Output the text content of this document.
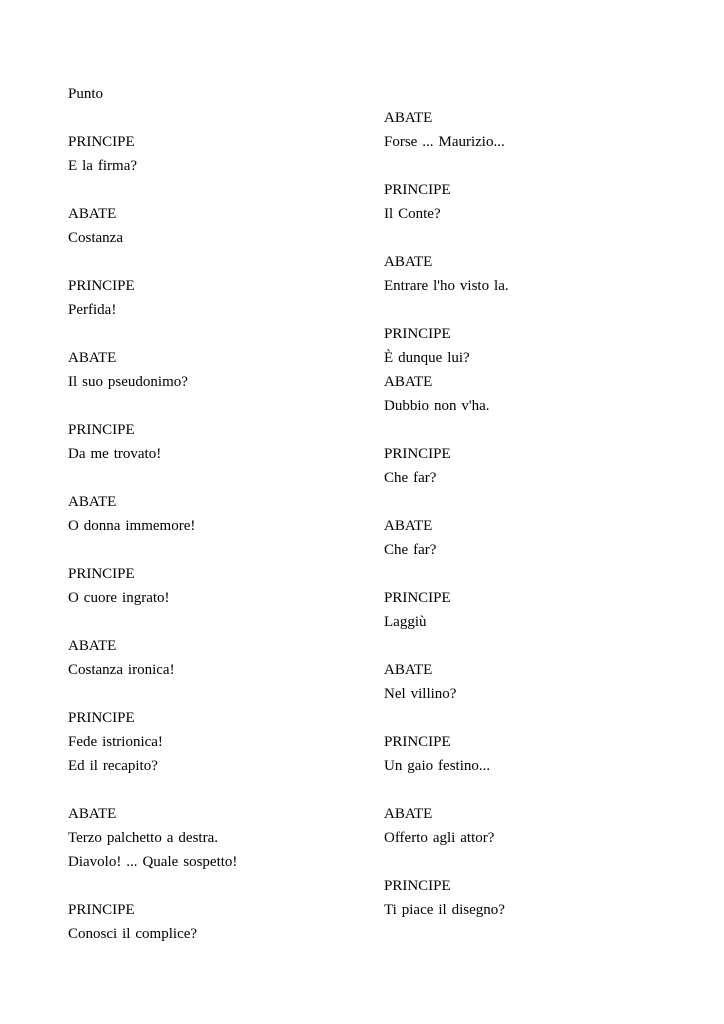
Punto
PRINCIPE
E la firma?
ABATE
Costanza
PRINCIPE
Perfida!
ABATE
Il suo pseudonimo?
PRINCIPE
Da me trovato!
ABATE
O donna immemore!
PRINCIPE
O cuore ingrato!
ABATE
Costanza ironica!
PRINCIPE
Fede istrionica!
Ed il recapito?
ABATE
Terzo palchetto a destra.
Diavolo! ... Quale sospetto!
PRINCIPE
Conosci il complice?
ABATE
Forse ... Maurizio...
PRINCIPE
Il Conte?
ABATE
Entrare l'ho visto la.
PRINCIPE
È dunque lui?
ABATE
Dubbio non v'ha.
PRINCIPE
Che far?
ABATE
Che far?
PRINCIPE
Laggiù
ABATE
Nel villino?
PRINCIPE
Un gaio festino...
ABATE
Offerto agli attor?
PRINCIPE
Ti piace il disegno?
